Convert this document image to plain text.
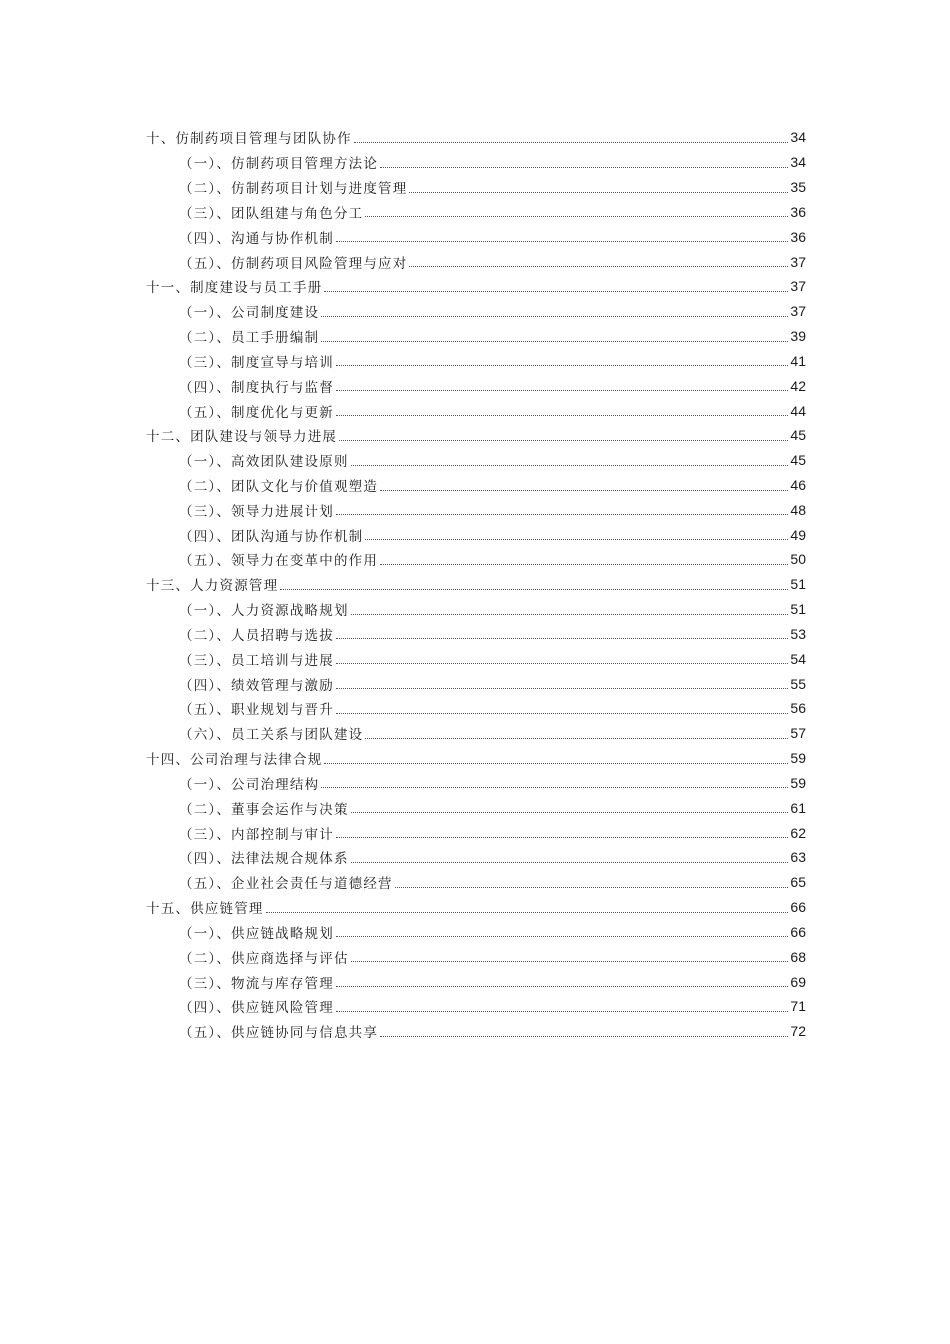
十、仿制药项目管理与团队协作	34
（一）、仿制药项目管理方法论	34
（二）、仿制药项目计划与进度管理	35
（三）、团队组建与角色分工	36
（四）、沟通与协作机制	36
（五）、仿制药项目风险管理与应对	37
十一、制度建设与员工手册	37
（一）、公司制度建设	37
（二）、员工手册编制	39
（三）、制度宣导与培训	41
（四）、制度执行与监督	42
（五）、制度优化与更新	44
十二、团队建设与领导力进展	45
（一）、高效团队建设原则	45
（二）、团队文化与价值观塑造	46
（三）、领导力进展计划	48
（四）、团队沟通与协作机制	49
（五）、领导力在变革中的作用	50
十三、人力资源管理	51
（一）、人力资源战略规划	51
（二）、人员招聘与选拔	53
（三）、员工培训与进展	54
（四）、绩效管理与激励	55
（五）、职业规划与晋升	56
（六）、员工关系与团队建设	57
十四、公司治理与法律合规	59
（一）、公司治理结构	59
（二）、董事会运作与决策	61
（三）、内部控制与审计	62
（四）、法律法规合规体系	63
（五）、企业社会责任与道德经营	65
十五、供应链管理	66
（一）、供应链战略规划	66
（二）、供应商选择与评估	68
（三）、物流与库存管理	69
（四）、供应链风险管理	71
（五）、供应链协同与信息共享	72
